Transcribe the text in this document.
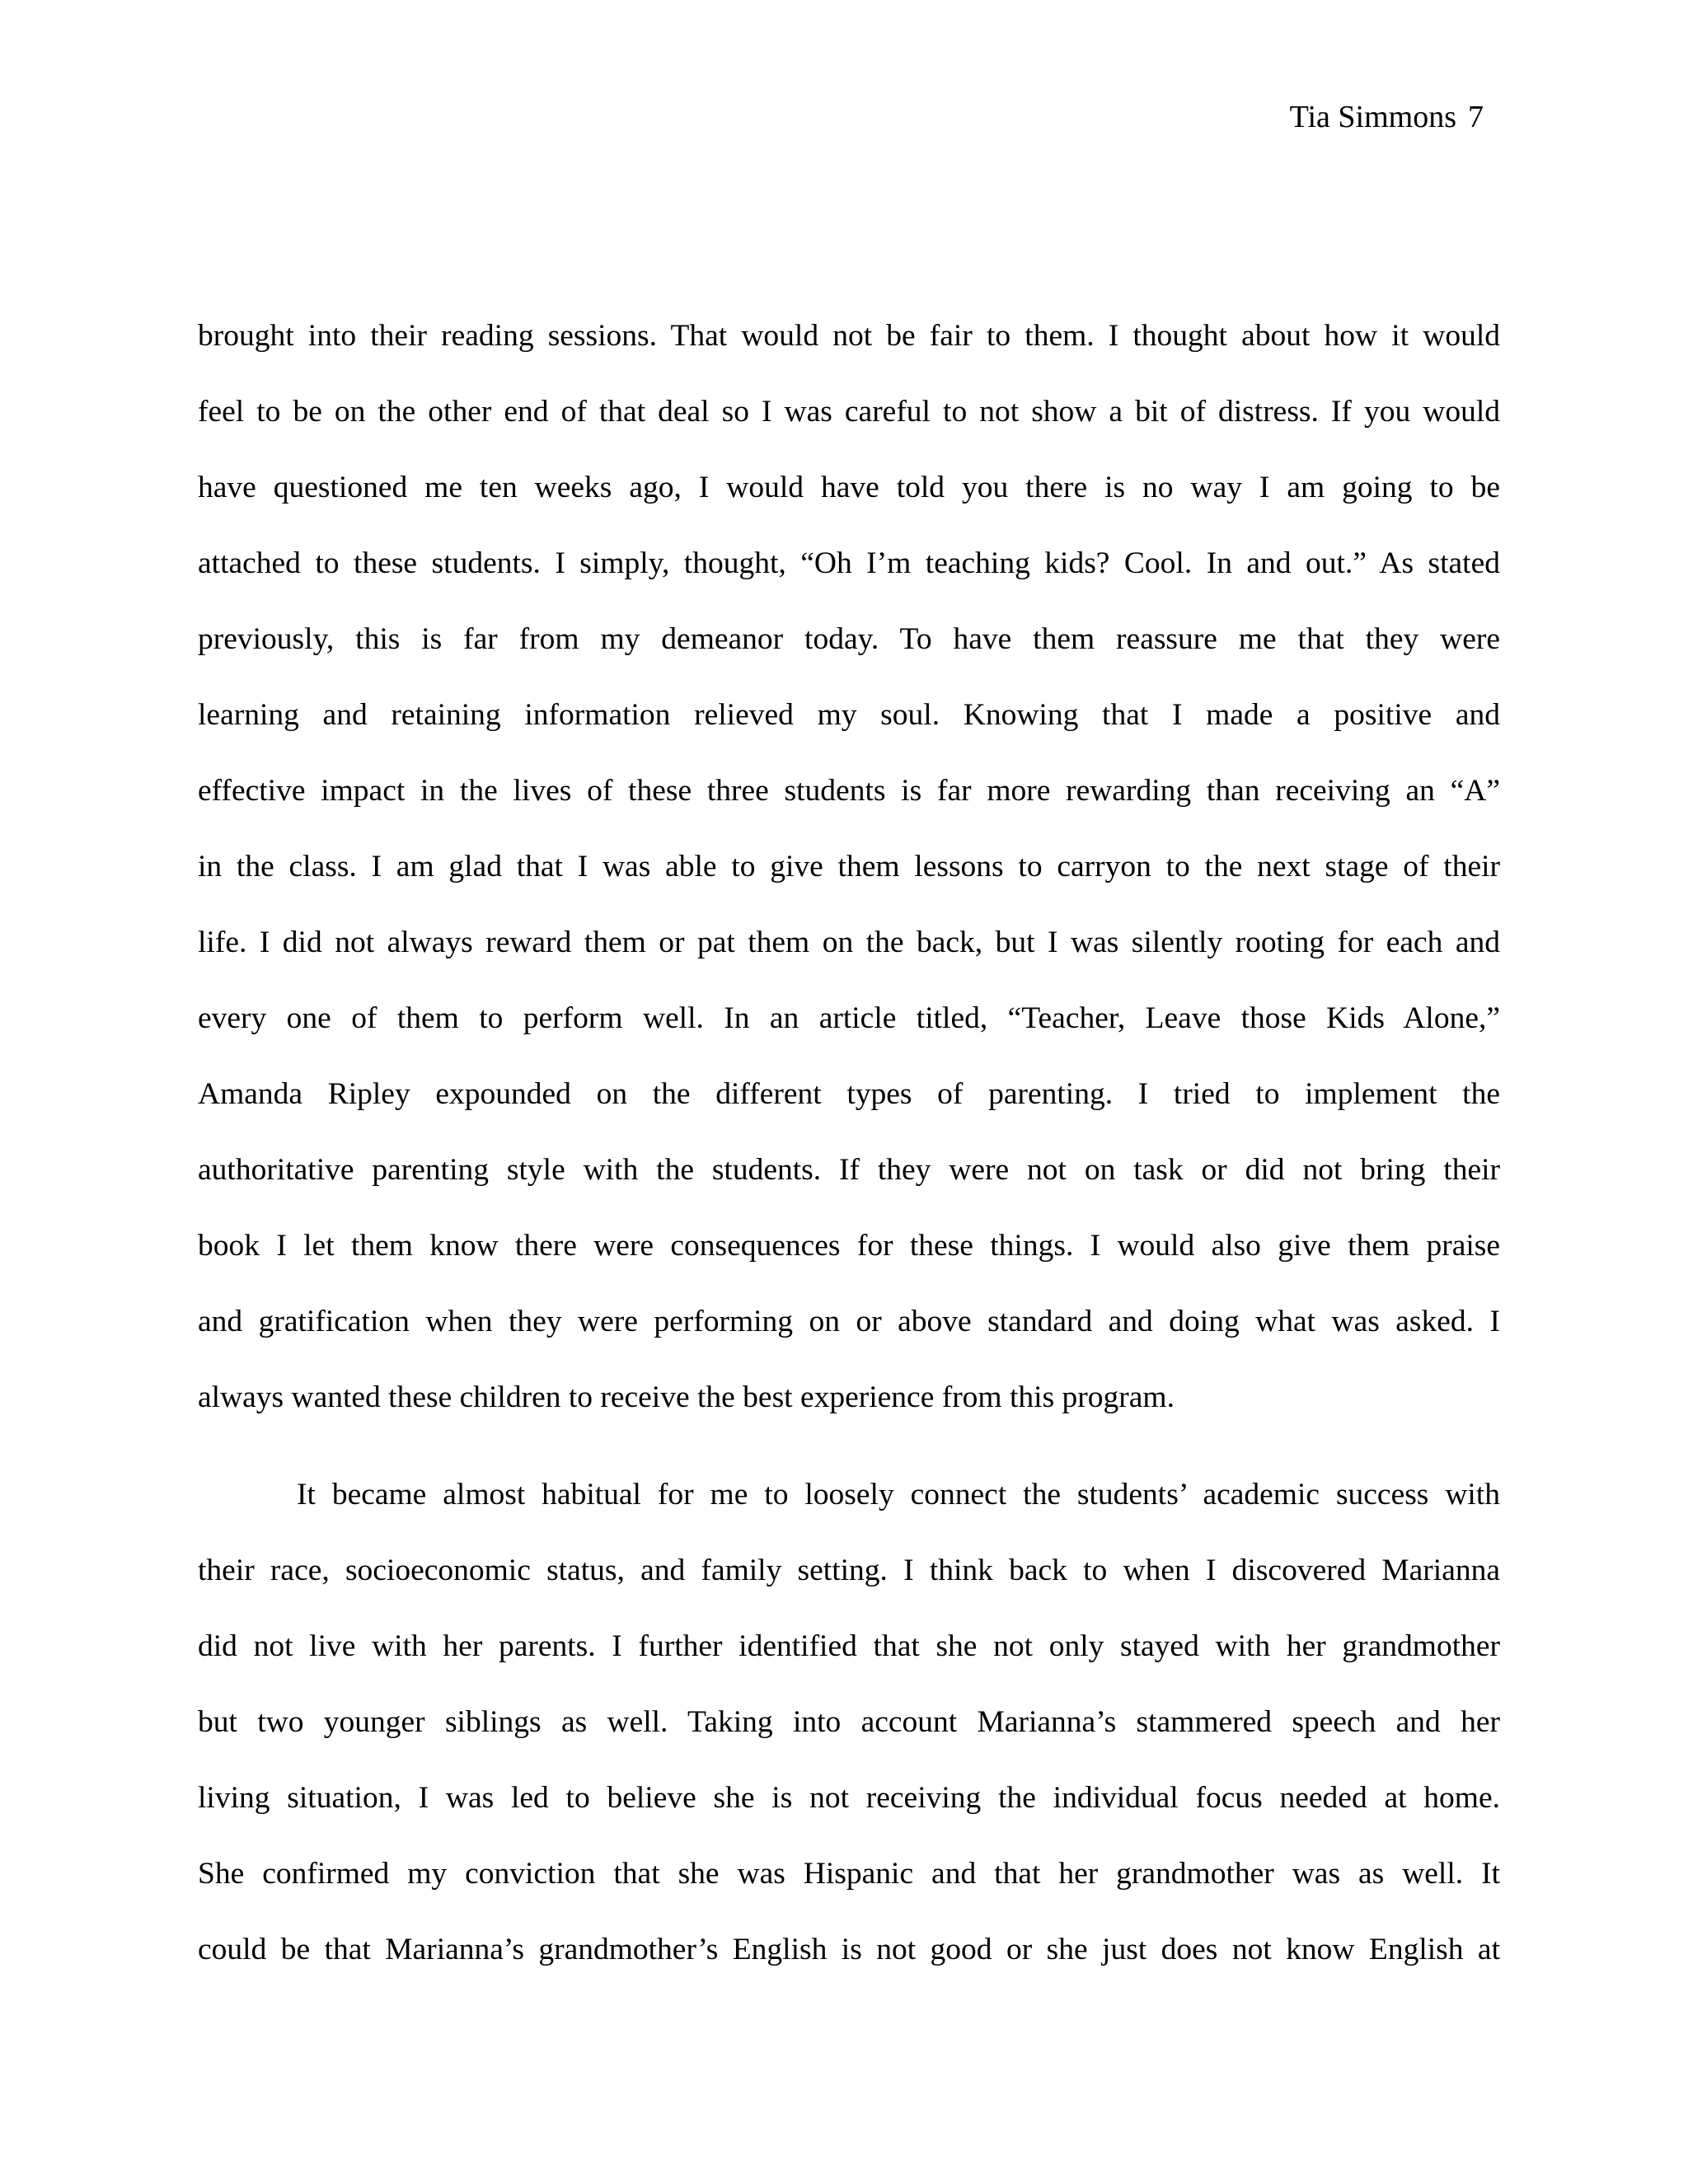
Tia Simmons 7
brought into their reading sessions. That would not be fair to them. I thought about how it would
feel to be on the other end of that deal so I was careful to not show a bit of distress. If you would
have questioned me ten weeks ago, I would have told you there is no way I am going to be
attached to these students. I simply, thought, “Oh I’m teaching kids? Cool. In and out.” As stated
previously, this is far from my demeanor today. To have them reassure me that they were
learning and retaining information relieved my soul. Knowing that I made a positive and
effective impact in the lives of these three students is far more rewarding than receiving an “A”
in the class. I am glad that I was able to give them lessons to carryon to the next stage of their
life. I did not always reward them or pat them on the back, but I was silently rooting for each and
every one of them to perform well. In an article titled, “Teacher, Leave those Kids Alone,”
Amanda Ripley expounded on the different types of parenting. I tried to implement the
authoritative parenting style with the students. If they were not on task or did not bring their
book I let them know there were consequences for these things. I would also give them praise
and gratification when they were performing on or above standard and doing what was asked. I
always wanted these children to receive the best experience from this program.
It became almost habitual for me to loosely connect the students’ academic success with
their race, socioeconomic status, and family setting. I think back to when I discovered Marianna
did not live with her parents. I further identified that she not only stayed with her grandmother
but two younger siblings as well. Taking into account Marianna’s stammered speech and her
living situation, I was led to believe she is not receiving the individual focus needed at home.
She confirmed my conviction that she was Hispanic and that her grandmother was as well. It
could be that Marianna’s grandmother’s English is not good or she just does not know English at
